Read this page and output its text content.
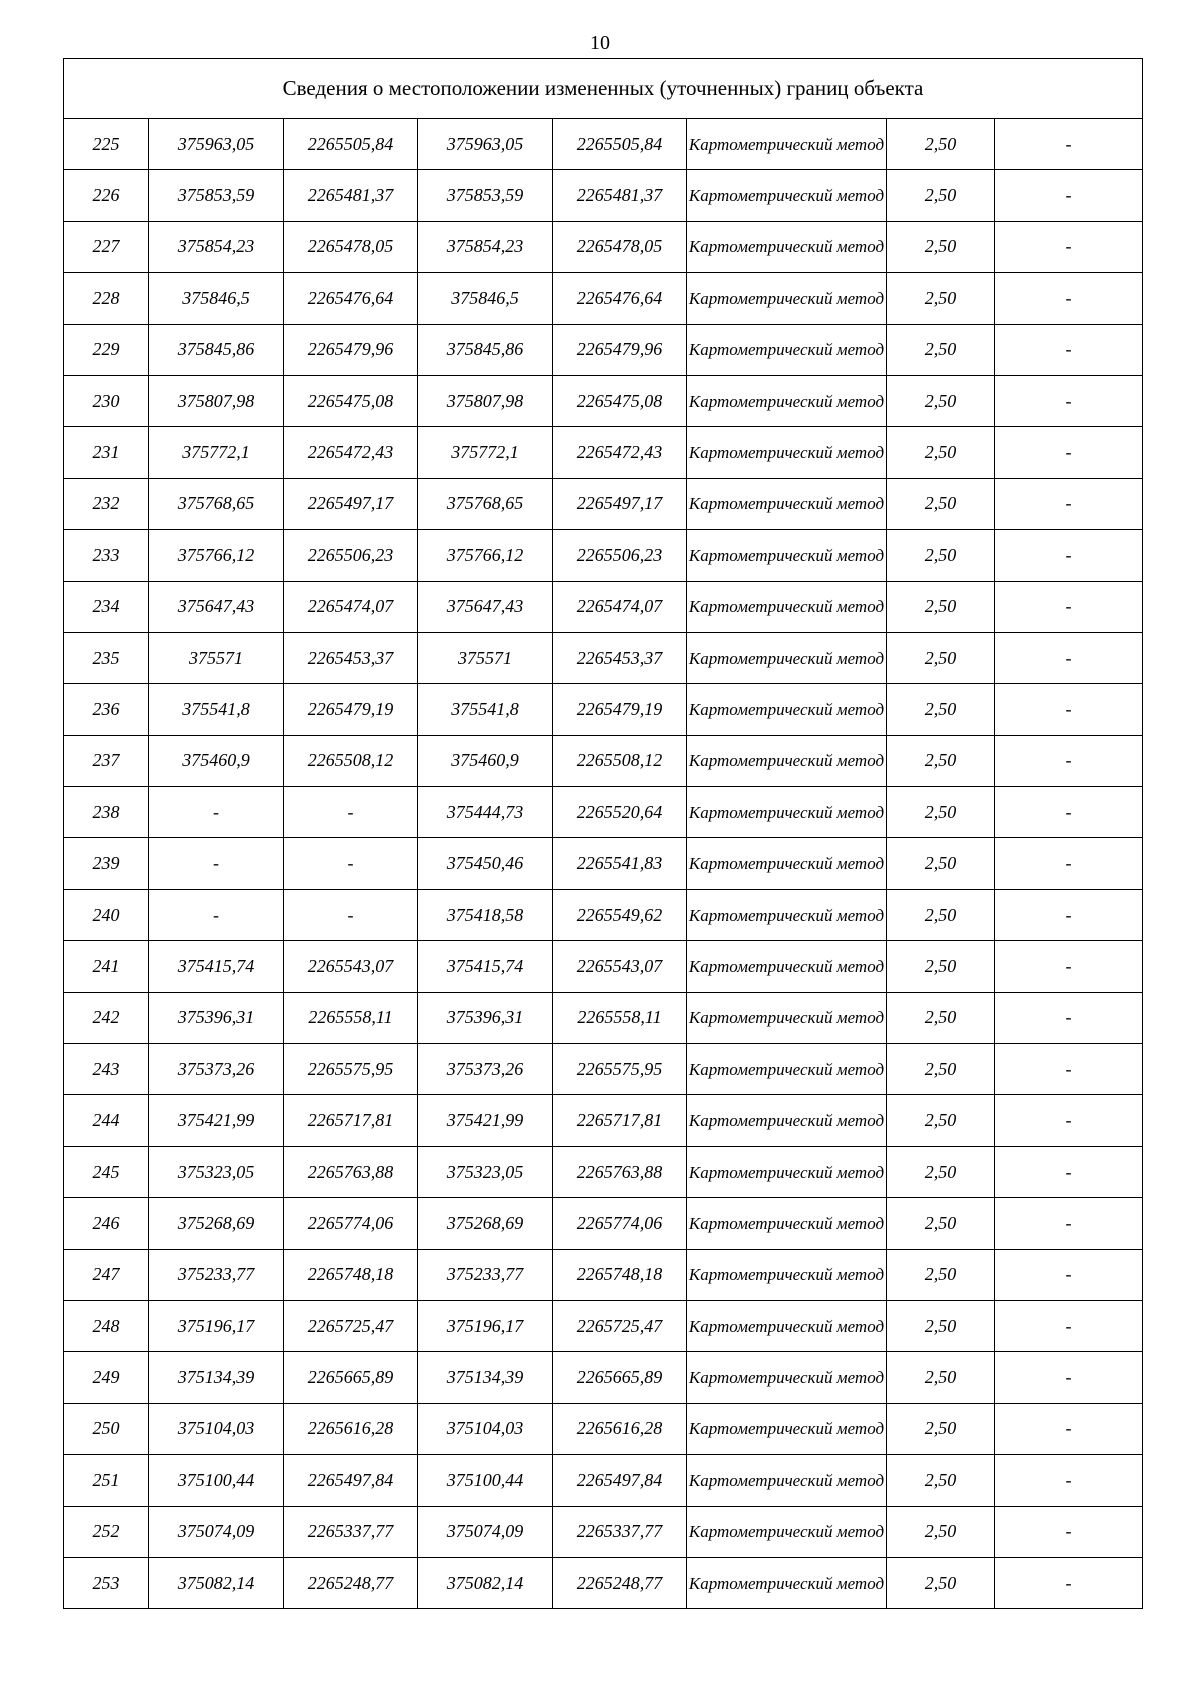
10
Сведения о местоположении измененных (уточненных) границ объекта							
225	375963,05	2265505,84	375963,05	2265505,84	Картометрический метод	2,50	-
226	375853,59	2265481,37	375853,59	2265481,37	Картометрический метод	2,50	-
227	375854,23	2265478,05	375854,23	2265478,05	Картометрический метод	2,50	-
228	375846,5	2265476,64	375846,5	2265476,64	Картометрический метод	2,50	-
229	375845,86	2265479,96	375845,86	2265479,96	Картометрический метод	2,50	-
230	375807,98	2265475,08	375807,98	2265475,08	Картометрический метод	2,50	-
231	375772,1	2265472,43	375772,1	2265472,43	Картометрический метод	2,50	-
232	375768,65	2265497,17	375768,65	2265497,17	Картометрический метод	2,50	-
233	375766,12	2265506,23	375766,12	2265506,23	Картометрический метод	2,50	-
234	375647,43	2265474,07	375647,43	2265474,07	Картометрический метод	2,50	-
235	375571	2265453,37	375571	2265453,37	Картометрический метод	2,50	-
236	375541,8	2265479,19	375541,8	2265479,19	Картометрический метод	2,50	-
237	375460,9	2265508,12	375460,9	2265508,12	Картометрический метод	2,50	-
238	-	-	375444,73	2265520,64	Картометрический метод	2,50	-
239	-	-	375450,46	2265541,83	Картометрический метод	2,50	-
240	-	-	375418,58	2265549,62	Картометрический метод	2,50	-
241	375415,74	2265543,07	375415,74	2265543,07	Картометрический метод	2,50	-
242	375396,31	2265558,11	375396,31	2265558,11	Картометрический метод	2,50	-
243	375373,26	2265575,95	375373,26	2265575,95	Картометрический метод	2,50	-
244	375421,99	2265717,81	375421,99	2265717,81	Картометрический метод	2,50	-
245	375323,05	2265763,88	375323,05	2265763,88	Картометрический метод	2,50	-
246	375268,69	2265774,06	375268,69	2265774,06	Картометрический метод	2,50	-
247	375233,77	2265748,18	375233,77	2265748,18	Картометрический метод	2,50	-
248	375196,17	2265725,47	375196,17	2265725,47	Картометрический метод	2,50	-
249	375134,39	2265665,89	375134,39	2265665,89	Картометрический метод	2,50	-
250	375104,03	2265616,28	375104,03	2265616,28	Картометрический метод	2,50	-
251	375100,44	2265497,84	375100,44	2265497,84	Картометрический метод	2,50	-
252	375074,09	2265337,77	375074,09	2265337,77	Картометрический метод	2,50	-
253	375082,14	2265248,77	375082,14	2265248,77	Картометрический метод	2,50	-
